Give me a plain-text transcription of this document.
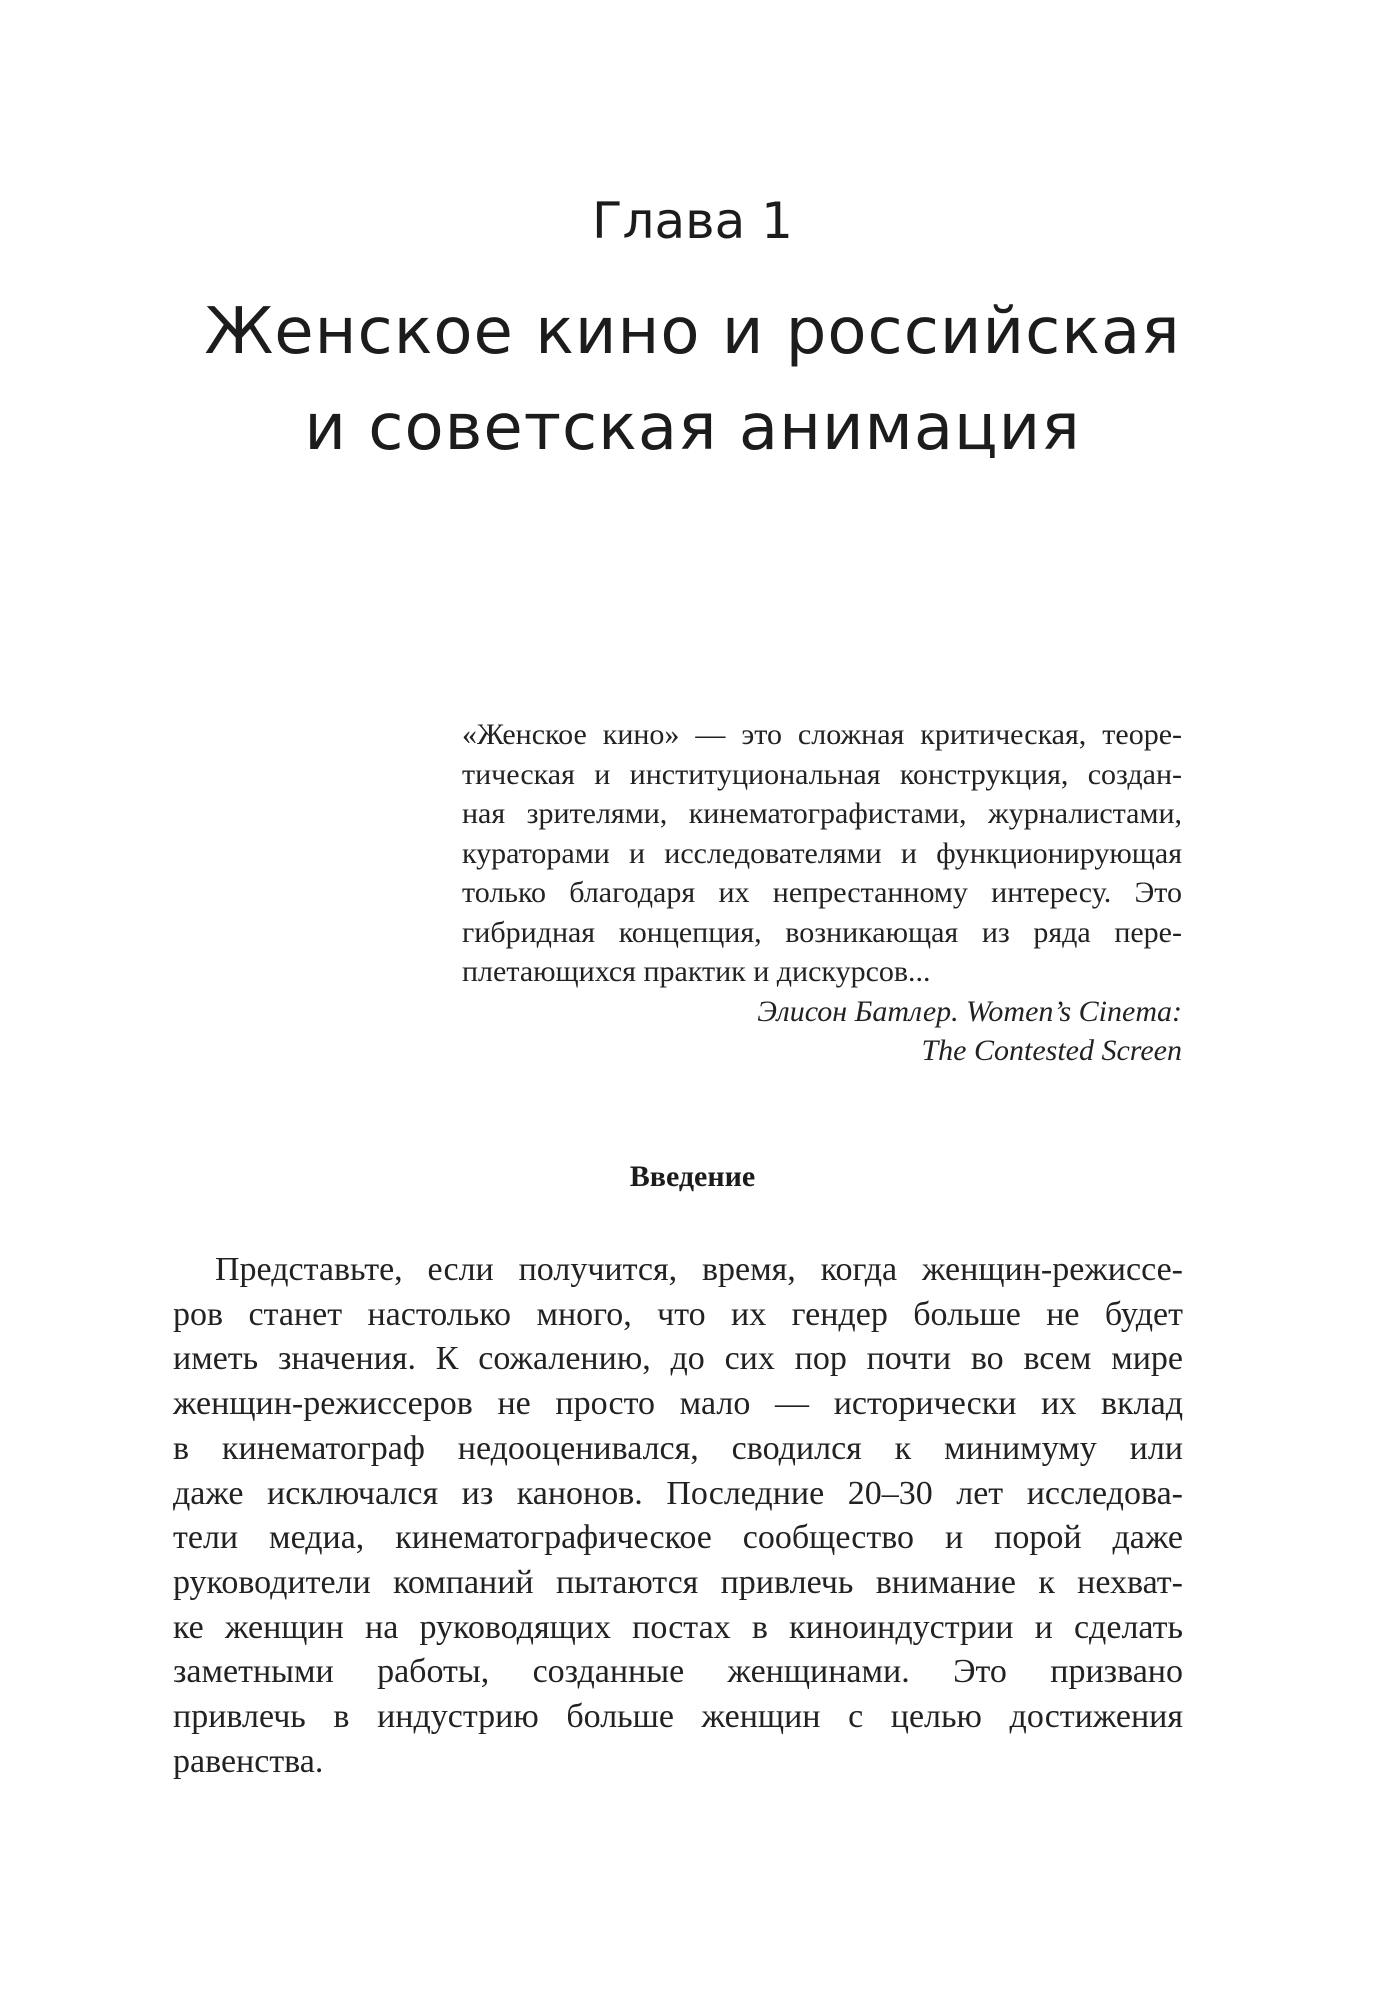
Глава 1
Женское кино и российская
и советская анимация

«Женское кино» — это сложная критическая, теоре-
тическая и институциональная конструкция, создан-
ная зрителями, кинематографистами, журналистами,
кураторами и исследователями и функционирующая
только благодаря их непрестанному интересу. Это
гибридная концепция, возникающая из ряда пере-
плетающихся практик и дискурсов...

Элисон Батлер. Women’s Cinema:
The Contested Screen

Введение

Представьте, если получится, время, когда женщин-режиссе-
ров станет настолько много, что их гендер больше не будет
иметь значения. К сожалению, до сих пор почти во всем мире
женщин-режиссеров не просто мало — исторически их вклад
в кинематограф недооценивался, сводился к минимуму или
даже исключался из канонов. Последние 20–30 лет исследова-
тели медиа, кинематографическое сообщество и порой даже
руководители компаний пытаются привлечь внимание к нехват-
ке женщин на руководящих постах в киноиндустрии и сделать
заметными работы, созданные женщинами. Это призвано
привлечь в индустрию больше женщин с целью достижения
равенства.
